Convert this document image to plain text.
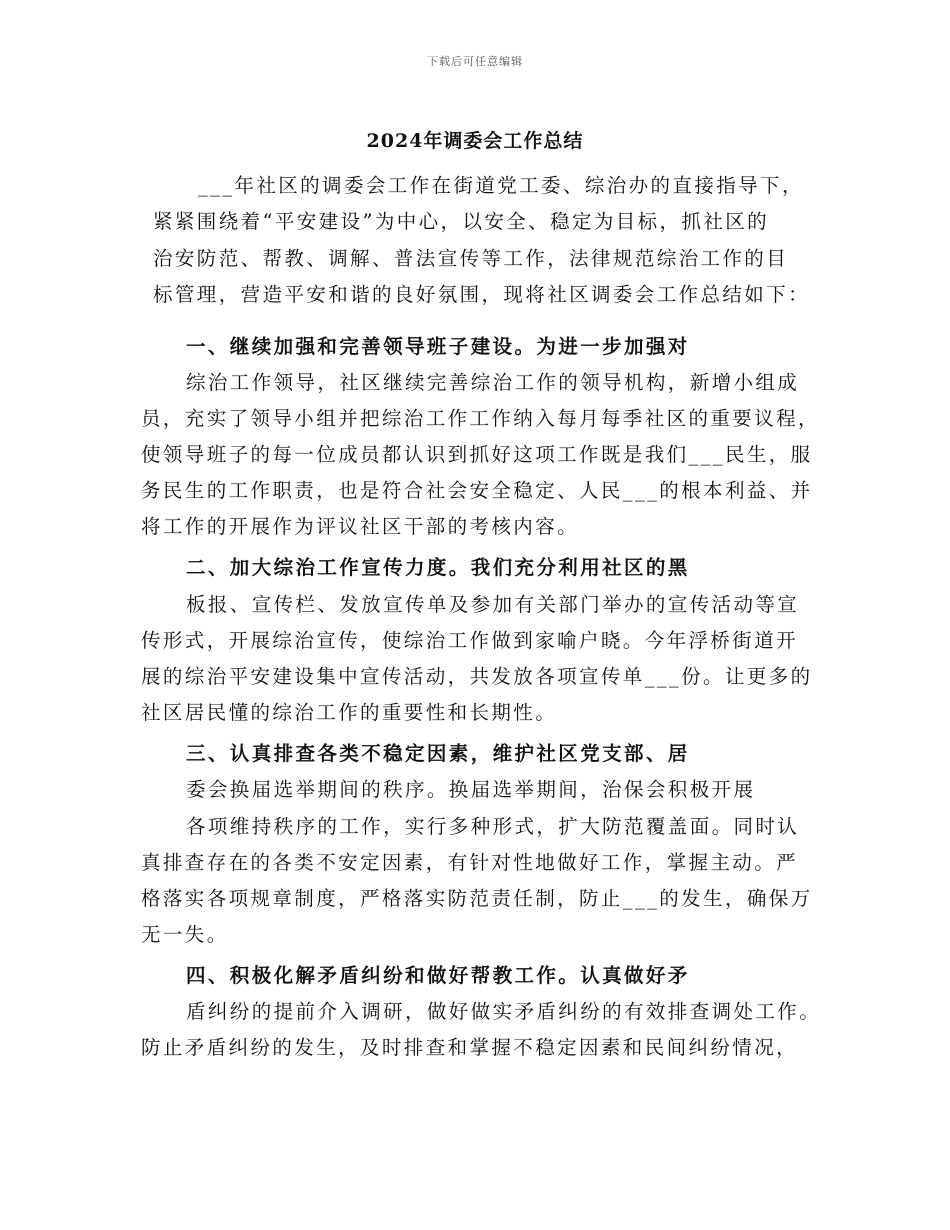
下载后可任意编辑
2024年调委会工作总结
___年社区的调委会工作在街道党工委、综治办的直接指导下，
紧紧围绕着“平安建设”为中心，以安全、稳定为目标，抓社区的
治安防范、帮教、调解、普法宣传等工作，法律规范综治工作的目
标管理，营造平安和谐的良好氛围，现将社区调委会工作总结如下：
一、继续加强和完善领导班子建设。为进一步加强对
综治工作领导，社区继续完善综治工作的领导机构，新增小组成
员，充实了领导小组并把综治工作工作纳入每月每季社区的重要议程，
使领导班子的每一位成员都认识到抓好这项工作既是我们___民生，服
务民生的工作职责，也是符合社会安全稳定、人民___的根本利益、并
将工作的开展作为评议社区干部的考核内容。
二、加大综治工作宣传力度。我们充分利用社区的黑
板报、宣传栏、发放宣传单及参加有关部门举办的宣传活动等宣
传形式，开展综治宣传，使综治工作做到家喻户晓。今年浮桥街道开
展的综治平安建设集中宣传活动，共发放各项宣传单___份。让更多的
社区居民懂的综治工作的重要性和长期性。
三、认真排查各类不稳定因素，维护社区党支部、居
委会换届选举期间的秩序。换届选举期间，治保会积极开展
各项维持秩序的工作，实行多种形式，扩大防范覆盖面。同时认
真排查存在的各类不安定因素，有针对性地做好工作，掌握主动。严
格落实各项规章制度，严格落实防范责任制，防止___的发生，确保万
无一失。
四、积极化解矛盾纠纷和做好帮教工作。认真做好矛
盾纠纷的提前介入调研，做好做实矛盾纠纷的有效排查调处工作。
防止矛盾纠纷的发生，及时排查和掌握不稳定因素和民间纠纷情况，
